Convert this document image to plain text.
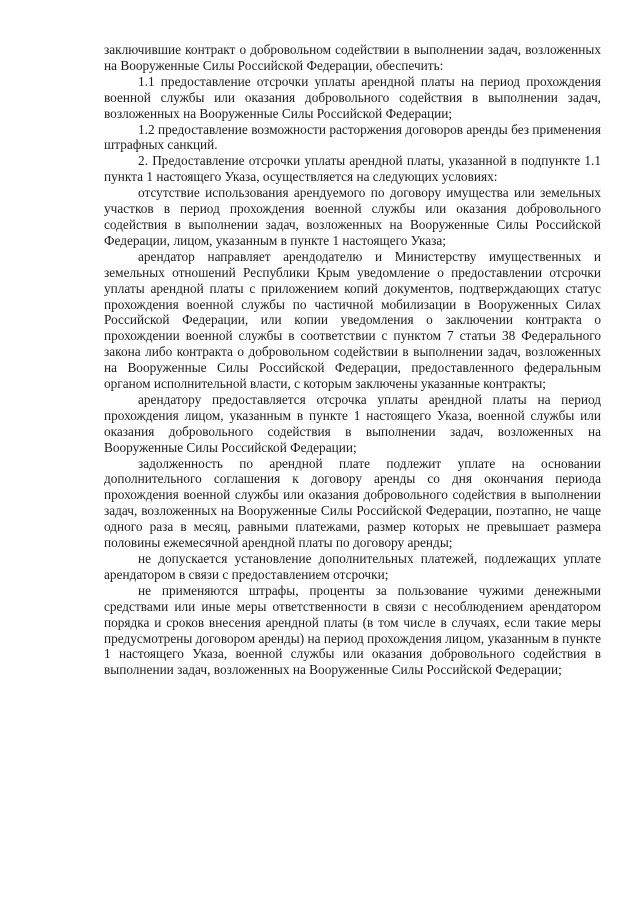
заключившие контракт о добровольном содействии в выполнении задач, возложенных на Вооруженные Силы Российской Федерации, обеспечить:

1.1 предоставление отсрочки уплаты арендной платы на период прохождения военной службы или оказания добровольного содействия в выполнении задач, возложенных на Вооруженные Силы Российской Федерации;

1.2 предоставление возможности расторжения договоров аренды без применения штрафных санкций.

2. Предоставление отсрочки уплаты арендной платы, указанной в подпункте 1.1 пункта 1 настоящего Указа, осуществляется на следующих условиях:

отсутствие использования арендуемого по договору имущества или земельных участков в период прохождения военной службы или оказания добровольного содействия в выполнении задач, возложенных на Вооруженные Силы Российской Федерации, лицом, указанным в пункте 1 настоящего Указа;

арендатор направляет арендодателю и Министерству имущественных и земельных отношений Республики Крым уведомление о предоставлении отсрочки уплаты арендной платы с приложением копий документов, подтверждающих статус прохождения военной службы по частичной мобилизации в Вооруженных Силах Российской Федерации, или копии уведомления о заключении контракта о прохождении военной службы в соответствии с пунктом 7 статьи 38 Федерального закона либо контракта о добровольном содействии в выполнении задач, возложенных на Вооруженные Силы Российской Федерации, предоставленного федеральным органом исполнительной власти, с которым заключены указанные контракты;

арендатору предоставляется отсрочка уплаты арендной платы на период прохождения лицом, указанным в пункте 1 настоящего Указа, военной службы или оказания добровольного содействия в выполнении задач, возложенных на Вооруженные Силы Российской Федерации;

задолженность по арендной плате подлежит уплате на основании дополнительного соглашения к договору аренды со дня окончания периода прохождения военной службы или оказания добровольного содействия в выполнении задач, возложенных на Вооруженные Силы Российской Федерации, поэтапно, не чаще одного раза в месяц, равными платежами, размер которых не превышает размера половины ежемесячной арендной платы по договору аренды;

не допускается установление дополнительных платежей, подлежащих уплате арендатором в связи с предоставлением отсрочки;

не применяются штрафы, проценты за пользование чужими денежными средствами или иные меры ответственности в связи с несоблюдением арендатором порядка и сроков внесения арендной платы (в том числе в случаях, если такие меры предусмотрены договором аренды) на период прохождения лицом, указанным в пункте 1 настоящего Указа, военной службы или оказания добровольного содействия в выполнении задач, возложенных на Вооруженные Силы Российской Федерации;
